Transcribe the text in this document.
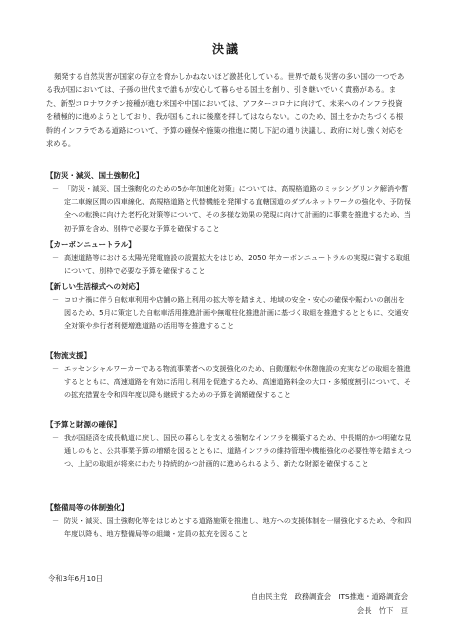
決議
頻発する自然災害が国家の存立を脅かしかねないほど激甚化している。世界で最も災害の多い国の一つである我が国においては、子孫の世代まで誰もが安心して暮らせる国土を創り、引き継いでいく責務がある。また、新型コロナワクチン接種が進む米国や中国においては、アフターコロナに向けて、未来へのインフラ投資を積極的に進めようとしており、我が国もこれに後塵を拝してはならない。このため、国土をかたちづくる根幹的インフラである道路について、予算の確保や施策の推進に関し下記の通り決議し、政府に対し強く対応を求める。
【防災・減災、国土強靭化】
－ 「防災・減災、国土強靭化のための5か年加速化対策」については、高規格道路のミッシングリンク解消や暫定二車線区間の四車線化、高規格道路と代替機能を発揮する直轄国道のダブルネットワークの強化や、予防保全への転換に向けた老朽化対策等について、その多様な効果の発現に向けて計画的に事業を推進するため、当初予算を含め、別枠で必要な予算を確保すること
【カーボンニュートラル】
－ 高速道路等における太陽光発電施設の設置拡大をはじめ、2050 年カーボンニュートラルの実現に資する取組について、別枠で必要な予算を確保すること
【新しい生活様式への対応】
－ コロナ禍に伴う自転車利用や店舗の路上利用の拡大等を踏まえ、地域の安全・安心の確保や賑わいの創出を図るため、5月に策定した自転車活用推進計画や無電柱化推進計画に基づく取組を推進するとともに、交通安全対策や歩行者利便増進道路の活用等を推進すること
【物流支援】
－ エッセンシャルワーカーである物流事業者への支援強化のため、自動運転や休憩施設の充実などの取組を推進するとともに、高速道路を有効に活用し利用を促進するため、高速道路料金の大口・多頻度割引について、その拡充措置を令和四年度以降も継続するための予算を満額確保すること
【予算と財源の確保】
－ 我が国経済を成長軌道に戻し、国民の暮らしを支える強靭なインフラを構築するため、中長期的かつ明確な見通しのもと、公共事業予算の増額を図るとともに、道路インフラの維持管理や機能強化の必要性等を踏まえつつ、上記の取組が将来にわたり持続的かつ計画的に進められるよう、新たな財源を確保すること
【整備局等の体制強化】
－ 防災・減災、国土強靭化等をはじめとする道路施策を推進し、地方への支援体制を一層強化するため、令和四年度以降も、地方整備局等の組織・定員の拡充を図ること
令和3年6月10日
自由民主党　政務調査会　ITS推進・道路調査会
会長　竹下　亘
